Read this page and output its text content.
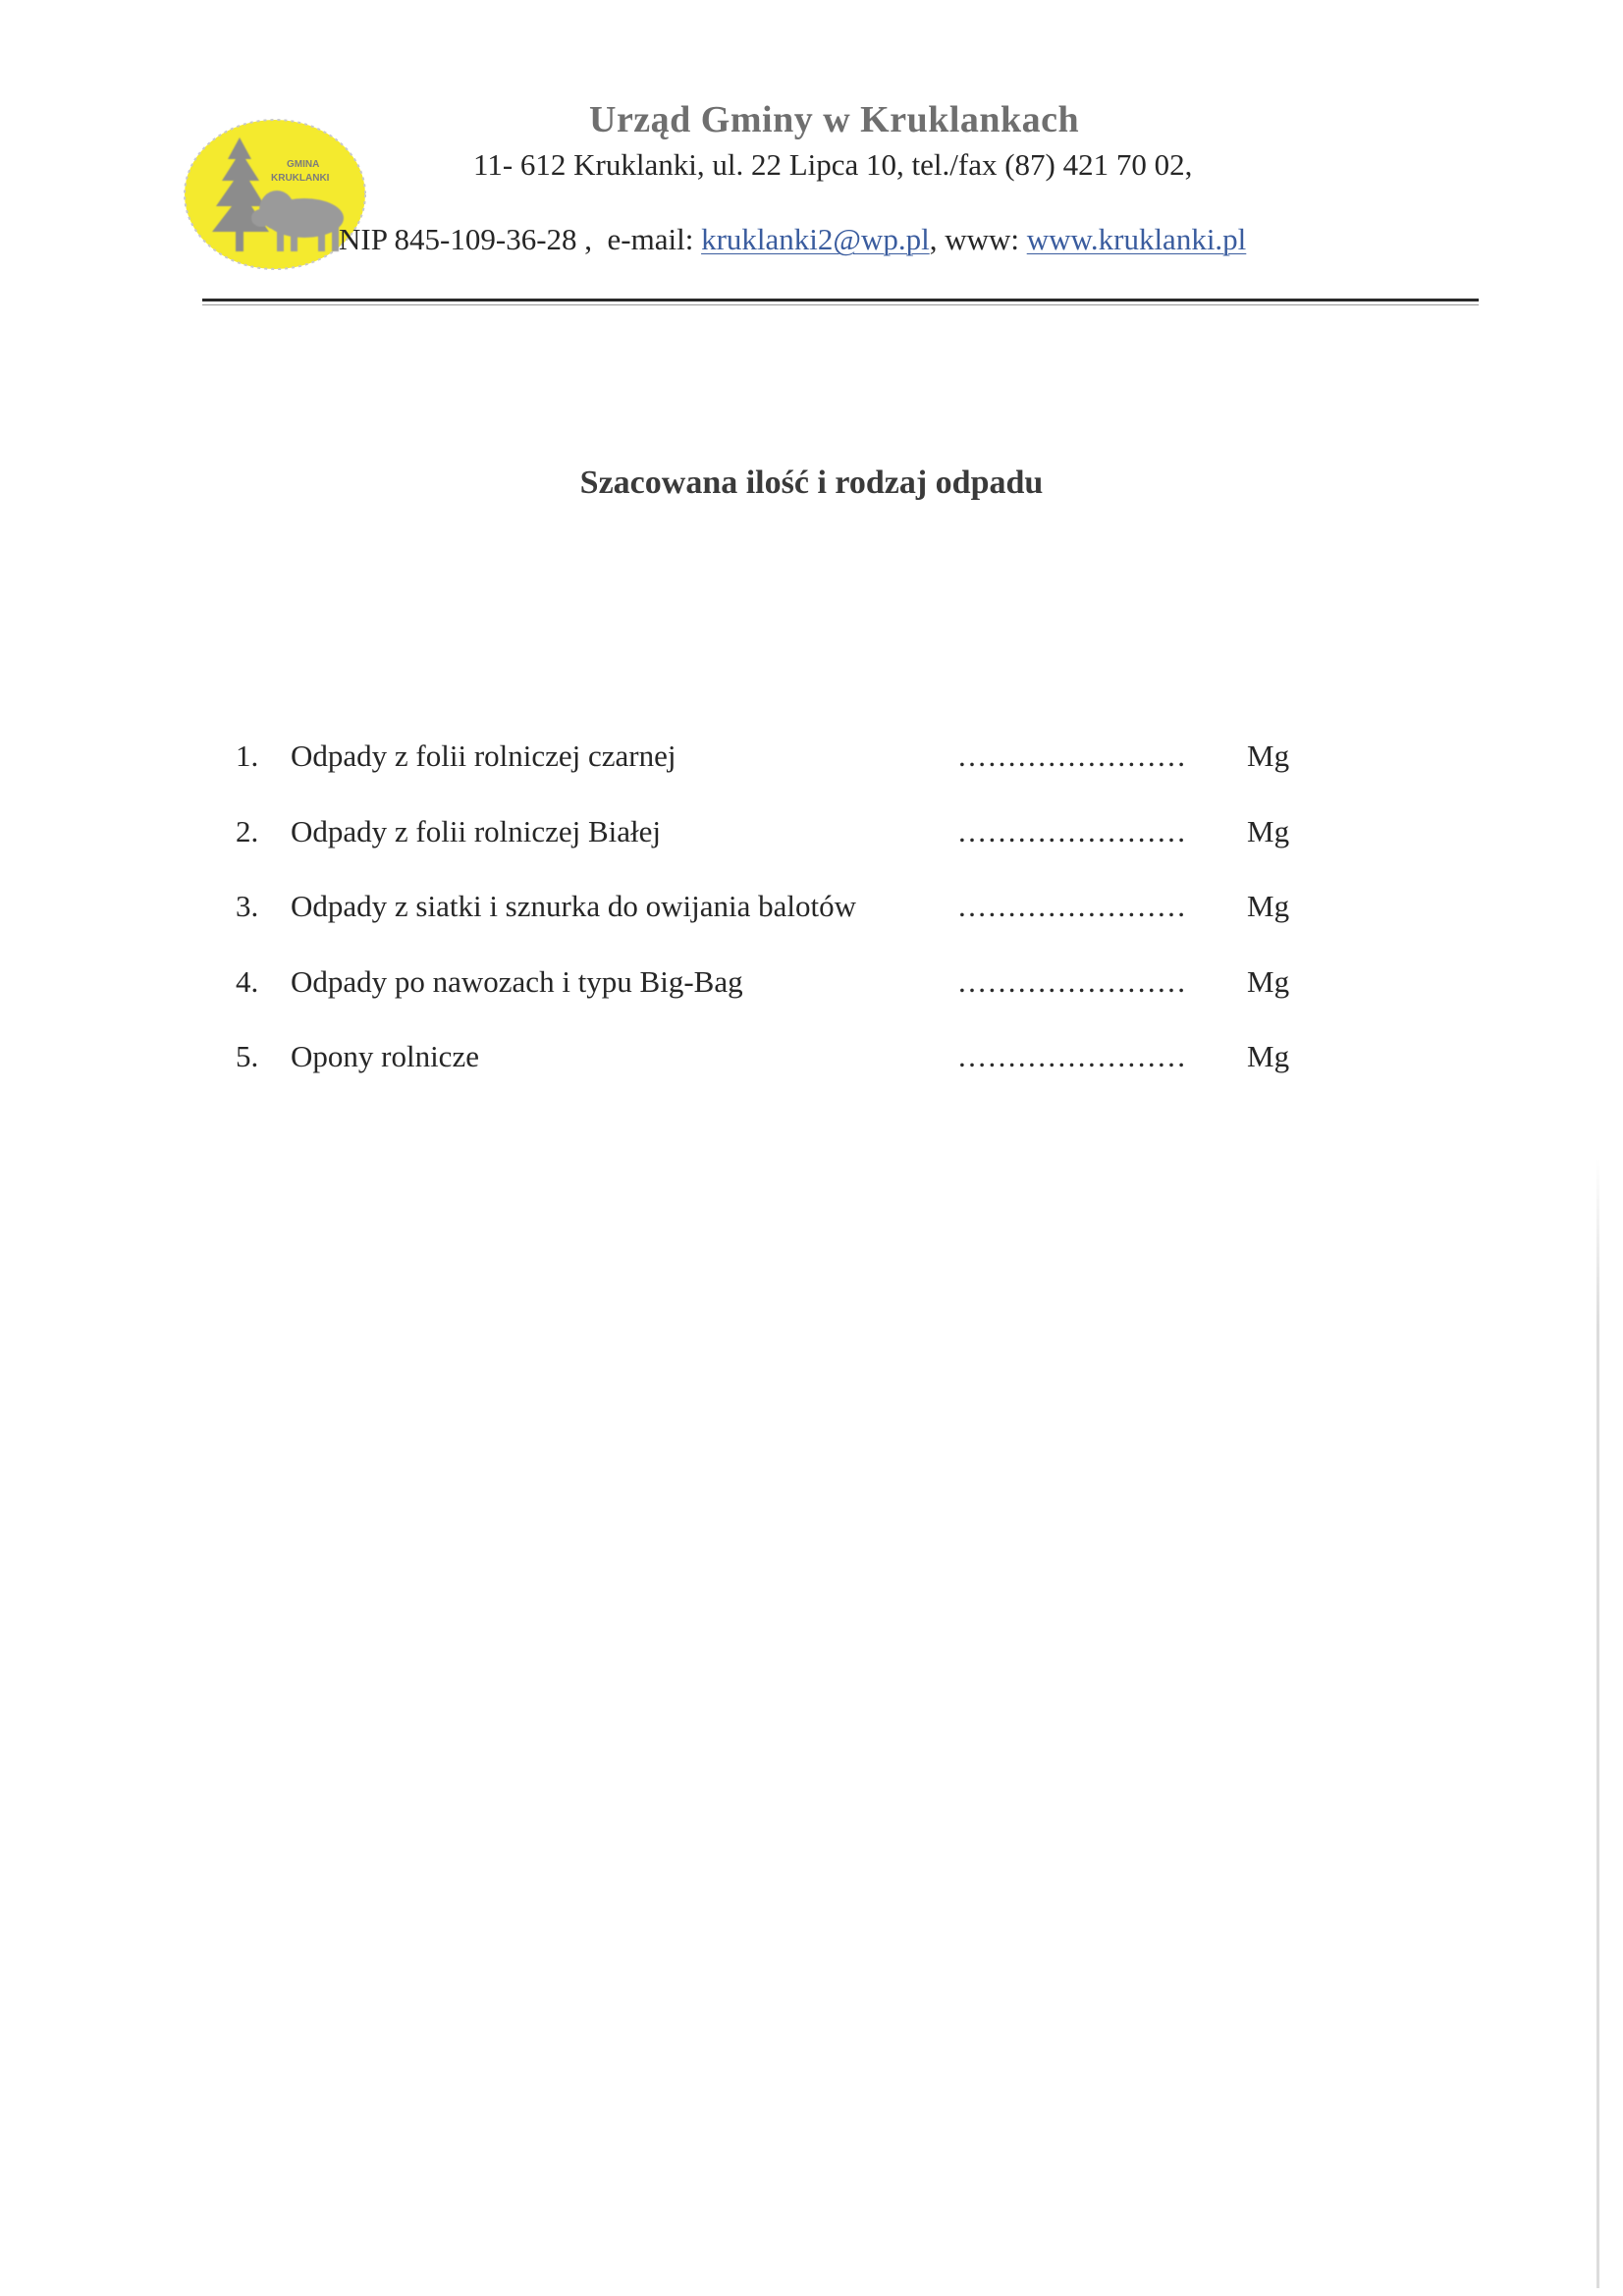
GMINA
KRUKLANKI
Urząd Gminy w Kruklankach
11- 612 Kruklanki, ul. 22 Lipca 10, tel./fax (87) 421 70 02,
NIP 845-109-36-28 , e-mail: kruklanki2@wp.pl, www: www.kruklanki.pl
Szacowana ilość i rodzaj odpadu
1. Odpady z folii rolniczej czarnej	....................... Mg
2. Odpady z folii rolniczej Białej	....................... Mg
3. Odpady z siatki i sznurka do owijania balotów	....................... Mg
4. Odpady po nawozach i typu Big-Bag	....................... Mg
5. Opony rolnicze	....................... Mg
